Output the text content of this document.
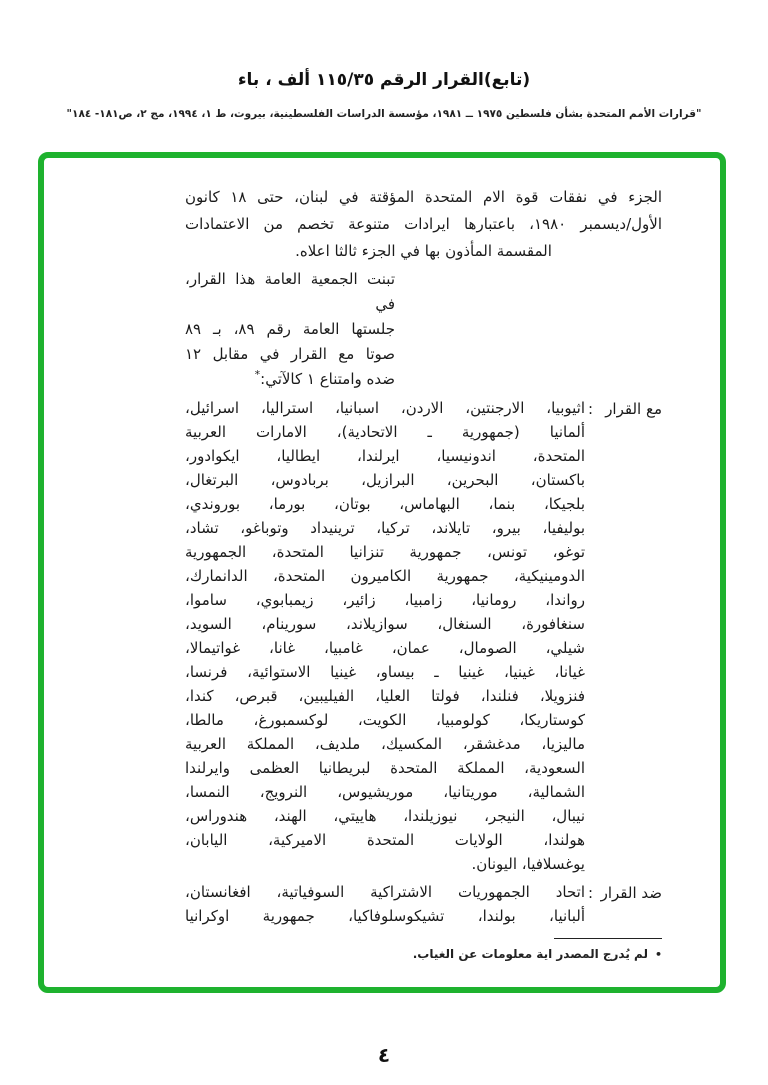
(تابع)القرار الرقم ١١٥/٣٥ ألف ، باء
"قرارات الأمم المتحدة بشأن فلسطين ١٩٧٥ ــ ١٩٨١، مؤسسة الدراسات الفلسطينية، بيروت، ط ١، ١٩٩٤، مج ٢، ص١٨١- ١٨٤"
الجزء في نفقات قوة الام المتحدة المؤقتة في لبنان، حتى ١٨ كانون
الأول/ديسمبر ١٩٨٠، باعتبارها ايرادات متنوعة تخصم من الاعتمادات
المقسمة المأذون بها في الجزء ثالثا اعلاه.
تبنت الجمعية العامة هذا القرار، في
جلستها العامة رقم ٨٩، بـ ٨٩
صوتا مع القرار في مقابل ١٢
ضده وامتناع ١ كالآتي:*
مع القرار
:
اثيوبيا، الارجنتين، الاردن، اسبانيا، استراليا، اسرائيل،
ألمانيا (جمهورية ـ الاتحادية)، الامارات العربية
المتحدة، اندونيسيا، ايرلندا، ايطاليا، ايكوادور،
باكستان، البحرين، البرازيل، بربادوس، البرتغال،
بلجيكا، بنما، البهاماس، بوتان، بورما، بوروندي،
بوليفيا، بيرو، تايلاند، تركيا، ترينيداد وتوباغو، تشاد،
توغو، تونس، جمهورية تنزانيا المتحدة، الجمهورية
الدومينيكية، جمهورية الكاميرون المتحدة، الدانمارك،
رواندا، رومانيا، زامبيا، زائير، زيمبابوي، ساموا،
سنغافورة، السنغال، سوازيلاند، سورينام، السويد،
شيلي، الصومال، عمان، غامبيا، غانا، غواتيمالا،
غيانا، غينيا، غينيا ـ بيساو، غينيا الاستوائية، فرنسا،
فنزويلا، فنلندا، فولتا العليا، الفيليبين، قبرص، كندا،
كوستاريكا، كولومبيا، الكويت، لوكسمبورغ، مالطا،
ماليزيا، مدغشقر، المكسيك، ملديف، المملكة العربية
السعودية، المملكة المتحدة لبريطانيا العظمى وايرلندا
الشمالية، موريتانيا، موريشيوس، النرويج، النمسا،
نيبال، النيجر، نيوزيلندا، هاييتي، الهند، هندوراس،
هولندا، الولايات المتحدة الاميركية، اليابان،
يوغسلافيا، اليونان.
ضد القرار
:
اتحاد الجمهوريات الاشتراكية السوفياتية، افغانستان،
ألبانيا، بولندا، تشيكوسلوفاكيا، جمهورية اوكرانيا
•لم يُدرج المصدر اية معلومات عن الغياب.
٤
